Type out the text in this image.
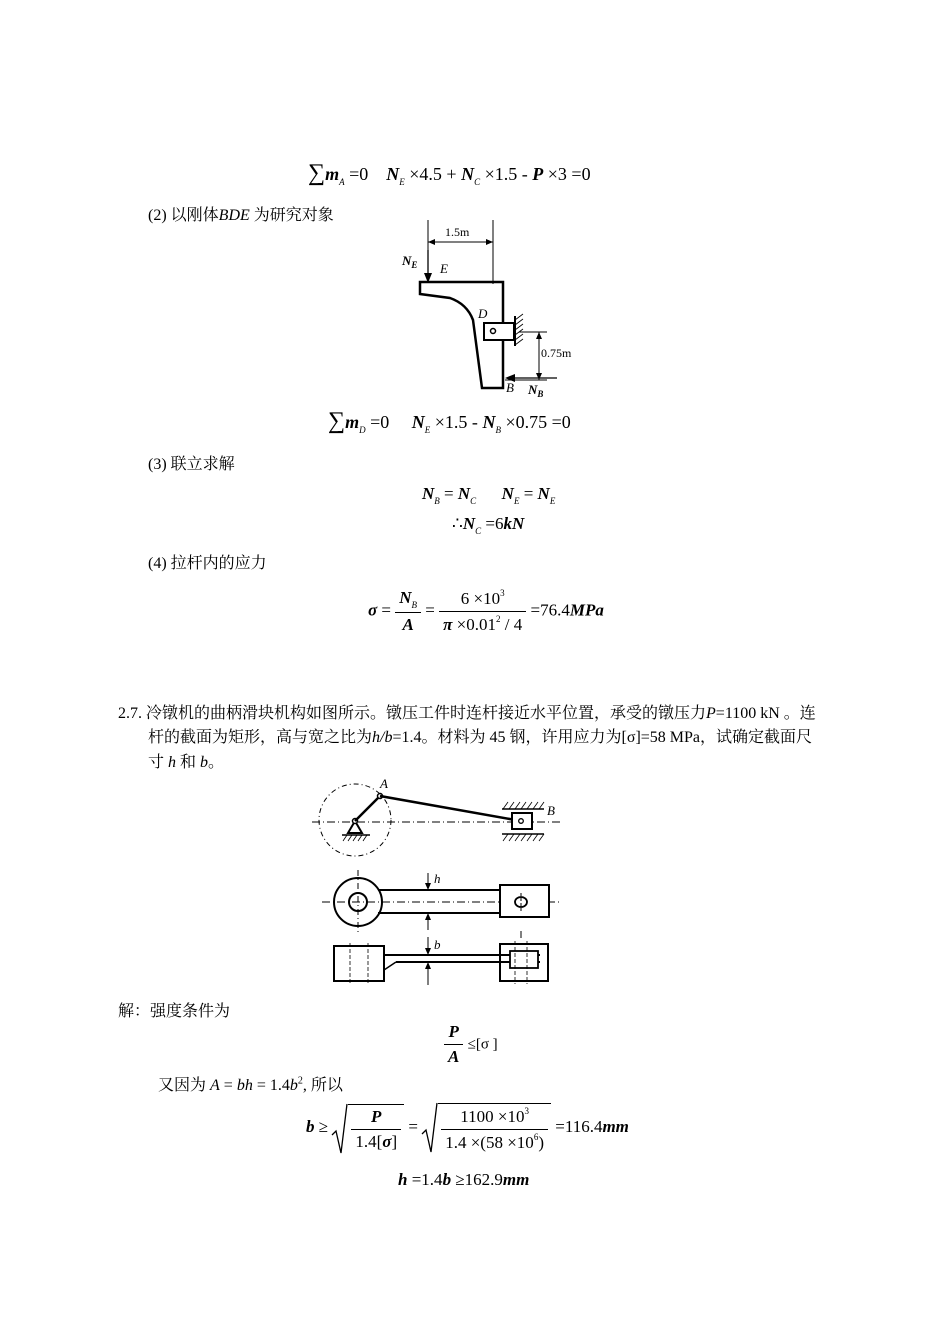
$\sum m_A =0$ $N_E \times 4.5 + N_C \times 1.5 - P \times 3 =0$
(2) 以刚体BDE 为研究对象
1.5m
$N_E$ E
D
0.75m
B $N_B$
$\sum m_D =0$ $N_E \times 1.5 - N_B \times 0.75 =0$
(3) 联立求解
$N_B = N_C$ $N_E = N_E$
$\therefore N_C =6kN$
(4) 拉杆内的应力
$\sigma = \frac{N_B}{A} = \frac{6 \times 10^3}{\pi \times 0.01^2 / 4} =76.4MPa$
2.7. 冷镦机的曲柄滑块机构如图所示。镦压工件时连杆接近水平位置，承受的镦压力P=1100 kN 。连
杆的截面为矩形，高与宽之比为h/b=1.4。材料为 45 钢，许用应力为[σ]=58 MPa，试确定截面尺
寸 h 和 b。
A
B
h
b
解：强度条件为
$\frac{P}{A} \le[\sigma$ ]
又因为 A = bh = $1.4b^2$, 所以
$b \ge \frac{P}{1.4[\sigma]} = \frac{1100 \times 10^3}{1.4 \times(58 \times 10^6)} =116.4mm$
h =1.4b ≥162.9mm
